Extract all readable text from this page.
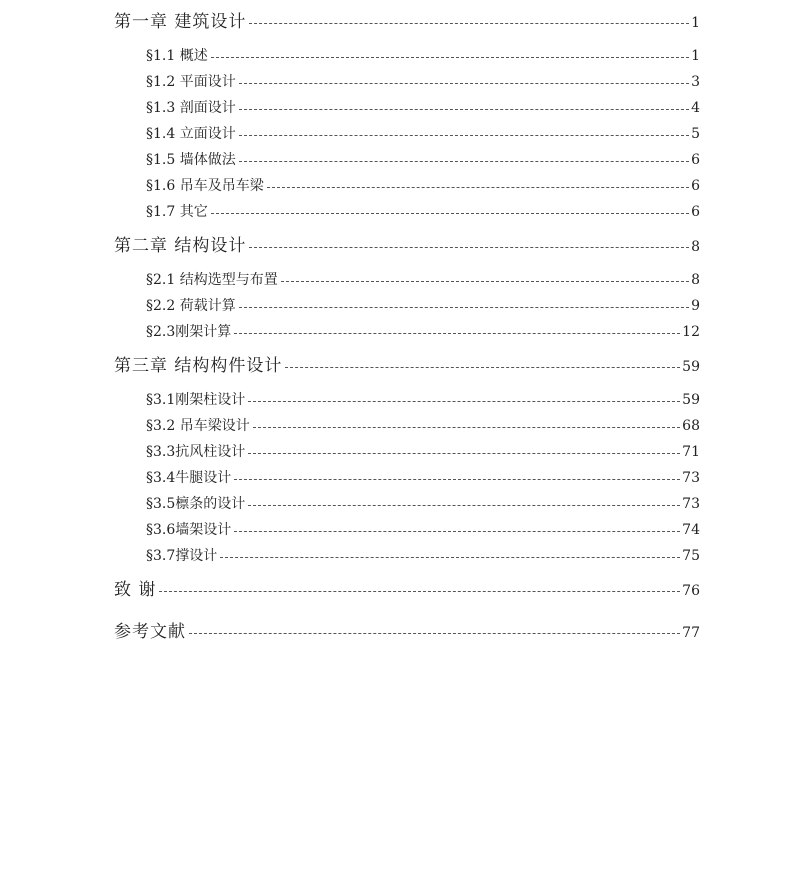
第一章 建筑设计	1
§1.1 概述	1
§1.2 平面设计	3
§1.3 剖面设计	4
§1.4 立面设计	5
§1.5 墙体做法	6
§1.6 吊车及吊车梁	6
§1.7 其它	6
第二章 结构设计	8
§2.1 结构选型与布置	8
§2.2 荷载计算	9
§2.3刚架计算	12
第三章 结构构件设计	59
§3.1刚架柱设计	59
§3.2 吊车梁设计	68
§3.3抗风柱设计	71
§3.4牛腿设计	73
§3.5檩条的设计	73
§3.6墙架设计	74
§3.7撑设计	75
致 谢	76
参考文献	77
